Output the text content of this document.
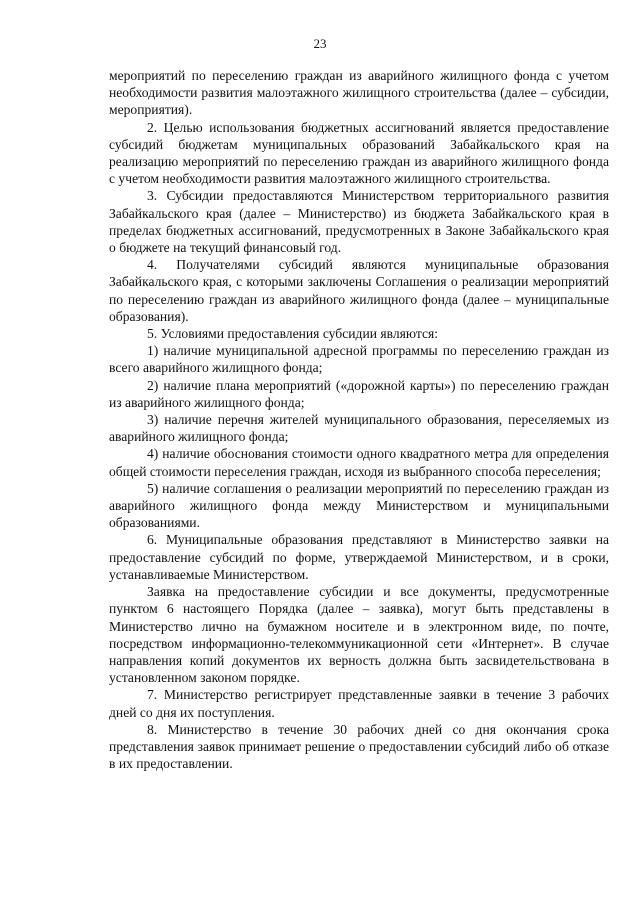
23

мероприятий по переселению граждан из аварийного жилищного фонда с учетом необходимости развития малоэтажного жилищного строительства (далее – субсидии, мероприятия).

2. Целью использования бюджетных ассигнований является предоставление субсидий бюджетам муниципальных образований Забайкальского края на реализацию мероприятий по переселению граждан из аварийного жилищного фонда с учетом необходимости развития малоэтажного жилищного строительства.

3. Субсидии предоставляются Министерством территориального развития Забайкальского края (далее – Министерство) из бюджета Забайкальского края в пределах бюджетных ассигнований, предусмотренных в Законе Забайкальского края о бюджете на текущий финансовый год.

4. Получателями субсидий являются муниципальные образования Забайкальского края, с которыми заключены Соглашения о реализации мероприятий по переселению граждан из аварийного жилищного фонда (далее – муниципальные образования).

5. Условиями предоставления субсидии являются:

1) наличие муниципальной адресной программы по переселению граждан из всего аварийного жилищного фонда;

2) наличие плана мероприятий («дорожной карты») по переселению граждан из аварийного жилищного фонда;

3) наличие перечня жителей муниципального образования, переселяемых из аварийного жилищного фонда;

4) наличие обоснования стоимости одного квадратного метра для определения общей стоимости переселения граждан, исходя из выбранного способа переселения;

5) наличие соглашения о реализации мероприятий по переселению граждан из аварийного жилищного фонда между Министерством и муниципальными образованиями.

6. Муниципальные образования представляют в Министерство заявки на предоставление субсидий по форме, утверждаемой Министерством, и в сроки, устанавливаемые Министерством.

Заявка на предоставление субсидии и все документы, предусмотренные пунктом 6 настоящего Порядка (далее – заявка), могут быть представлены в Министерство лично на бумажном носителе и в электронном виде, по почте, посредством информационно-телекоммуникационной сети «Интернет». В случае направления копий документов их верность должна быть засвидетельствована в установленном законом порядке.

7. Министерство регистрирует представленные заявки в течение 3 рабочих дней со дня их поступления.

8. Министерство в течение 30 рабочих дней со дня окончания срока представления заявок принимает решение о предоставлении субсидий либо об отказе в их предоставлении.
